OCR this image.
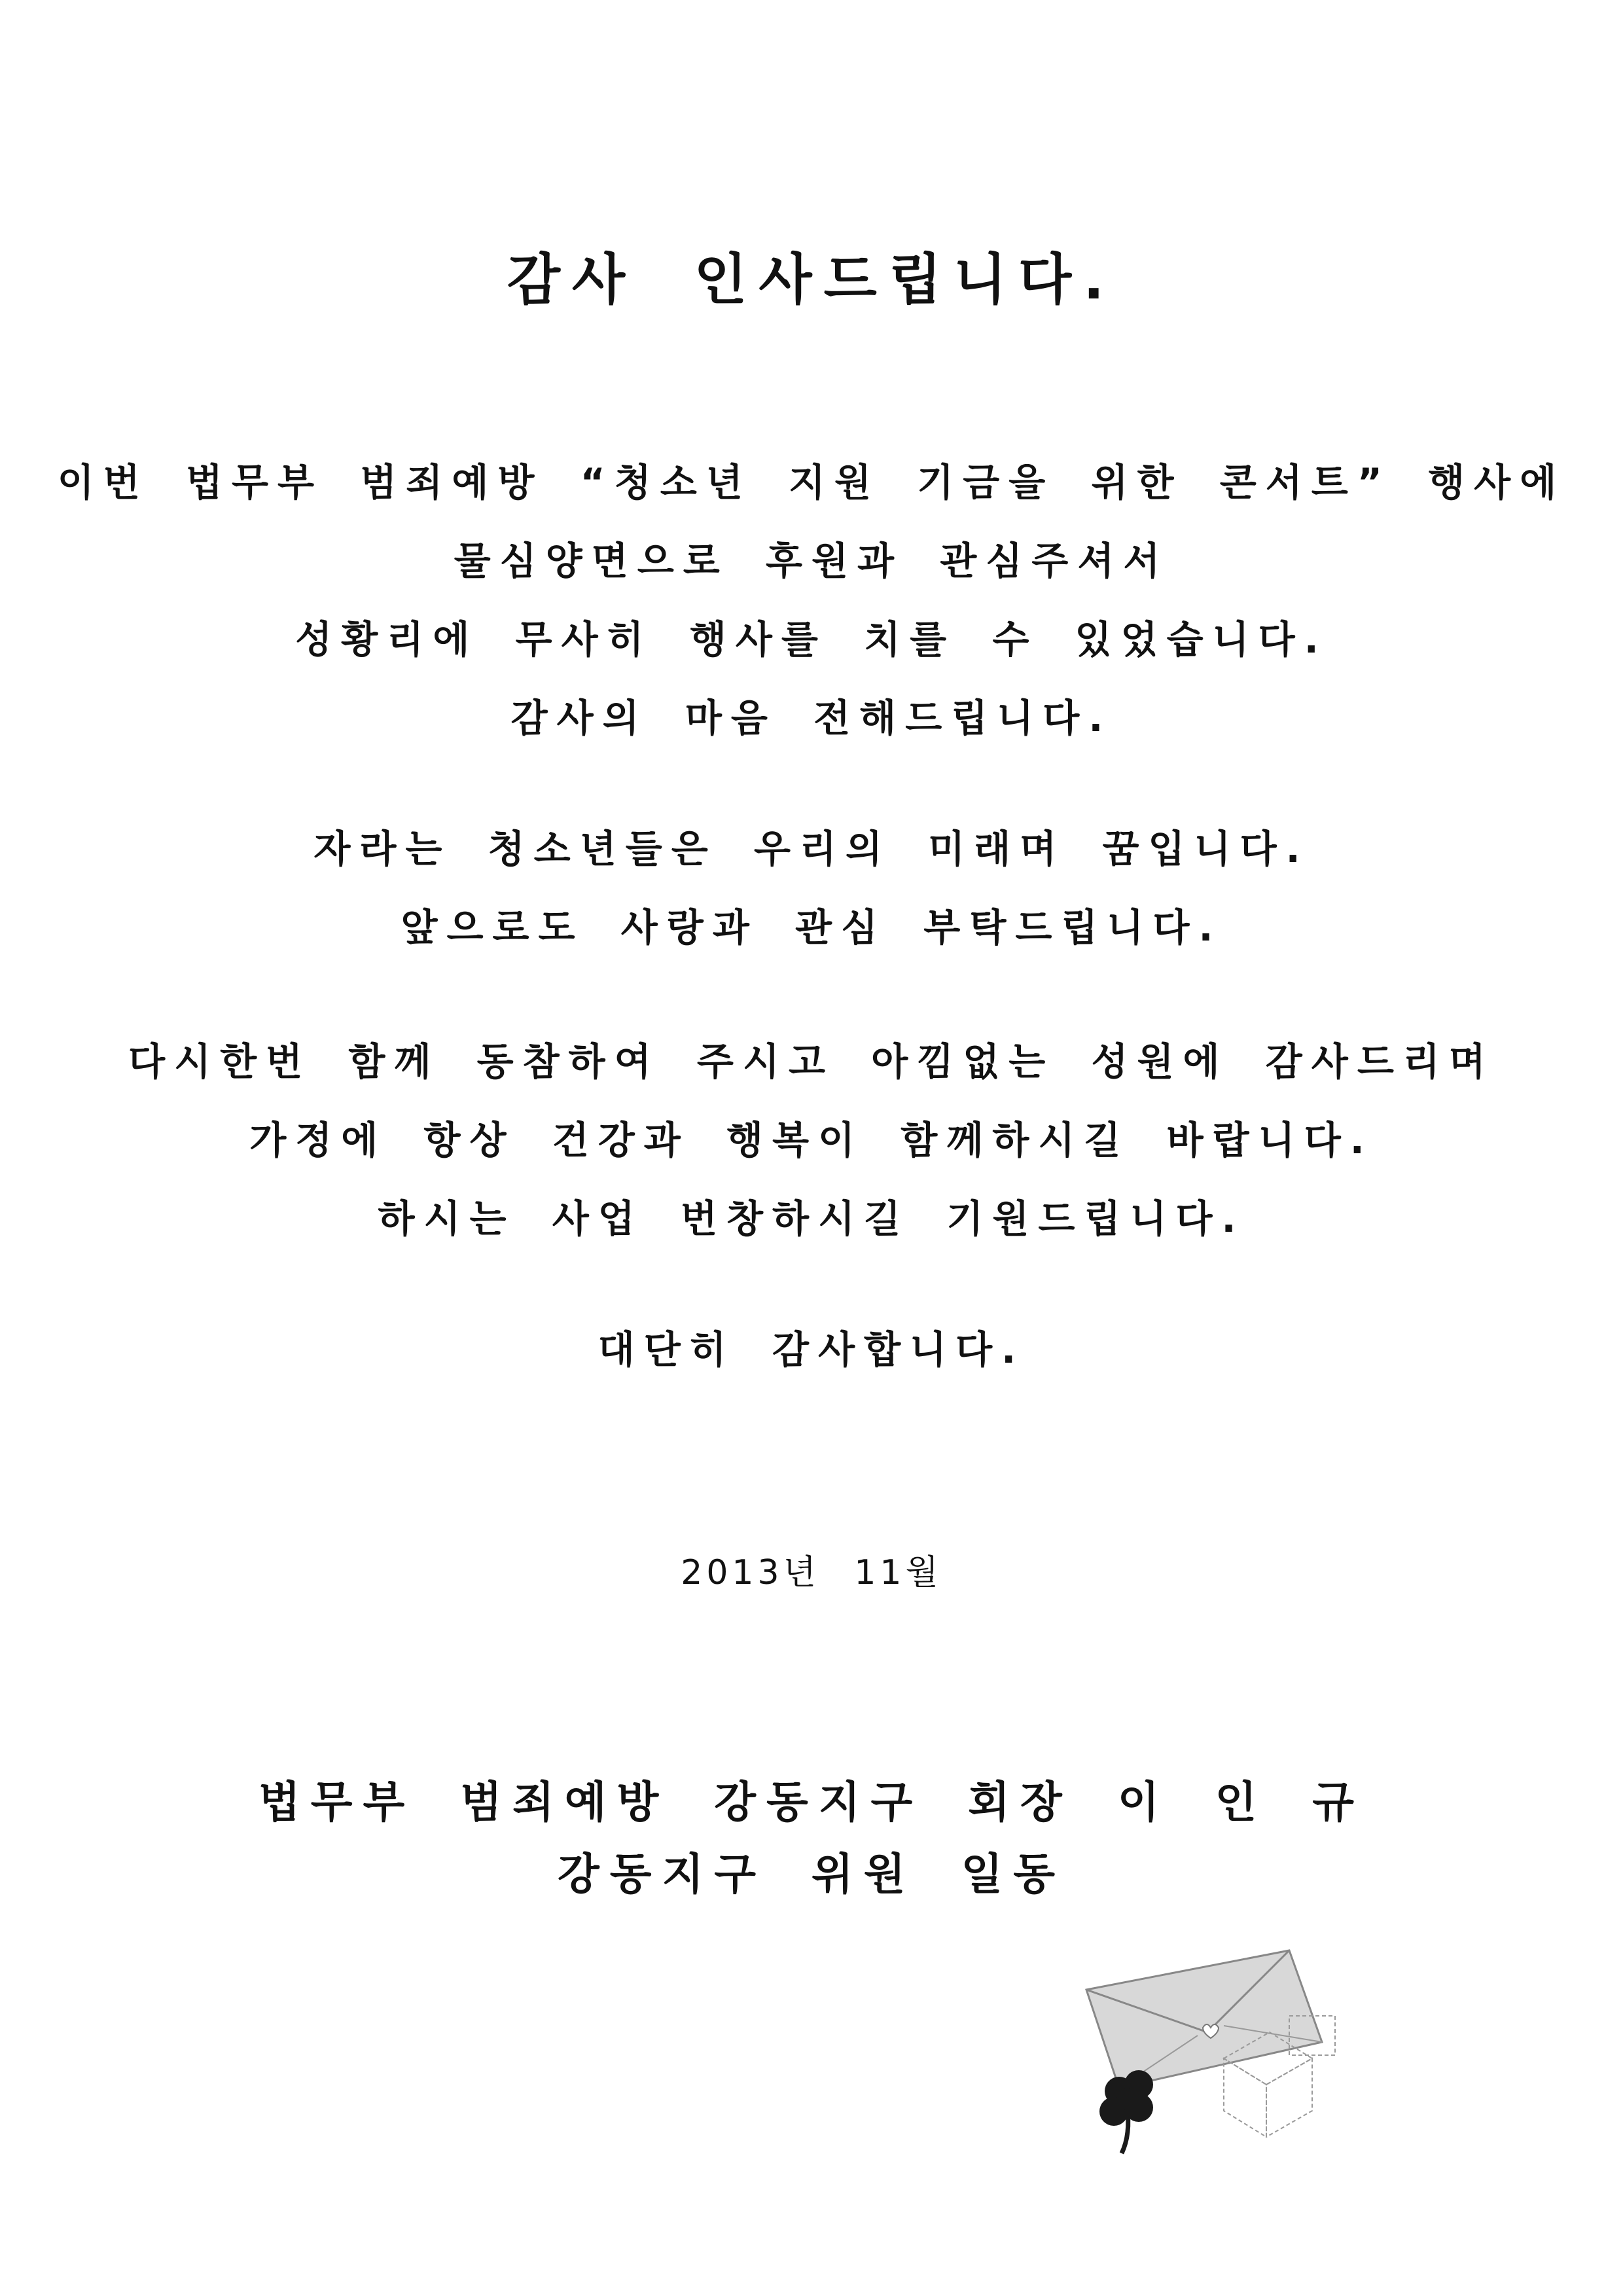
감사 인사드립니다.
이번 법무부 범죄예방 “청소년 지원 기금을 위한 콘서트” 행사에
물심양면으로 후원과 관심주셔서
성황리에 무사히 행사를 치를 수 있었습니다.
감사의 마음 전해드립니다.
자라는 청소년들은 우리의 미래며 꿈입니다.
앞으로도 사랑과 관심 부탁드립니다.
다시한번 함께 동참하여 주시고 아낌없는 성원에 감사드리며
가정에 항상 건강과 행복이 함께하시길 바랍니다.
하시는 사업 번창하시길 기원드립니다.
대단히 감사합니다.
2013년 11월
법무부 범죄예방 강동지구 회장 이 인 규
강동지구 위원 일동
